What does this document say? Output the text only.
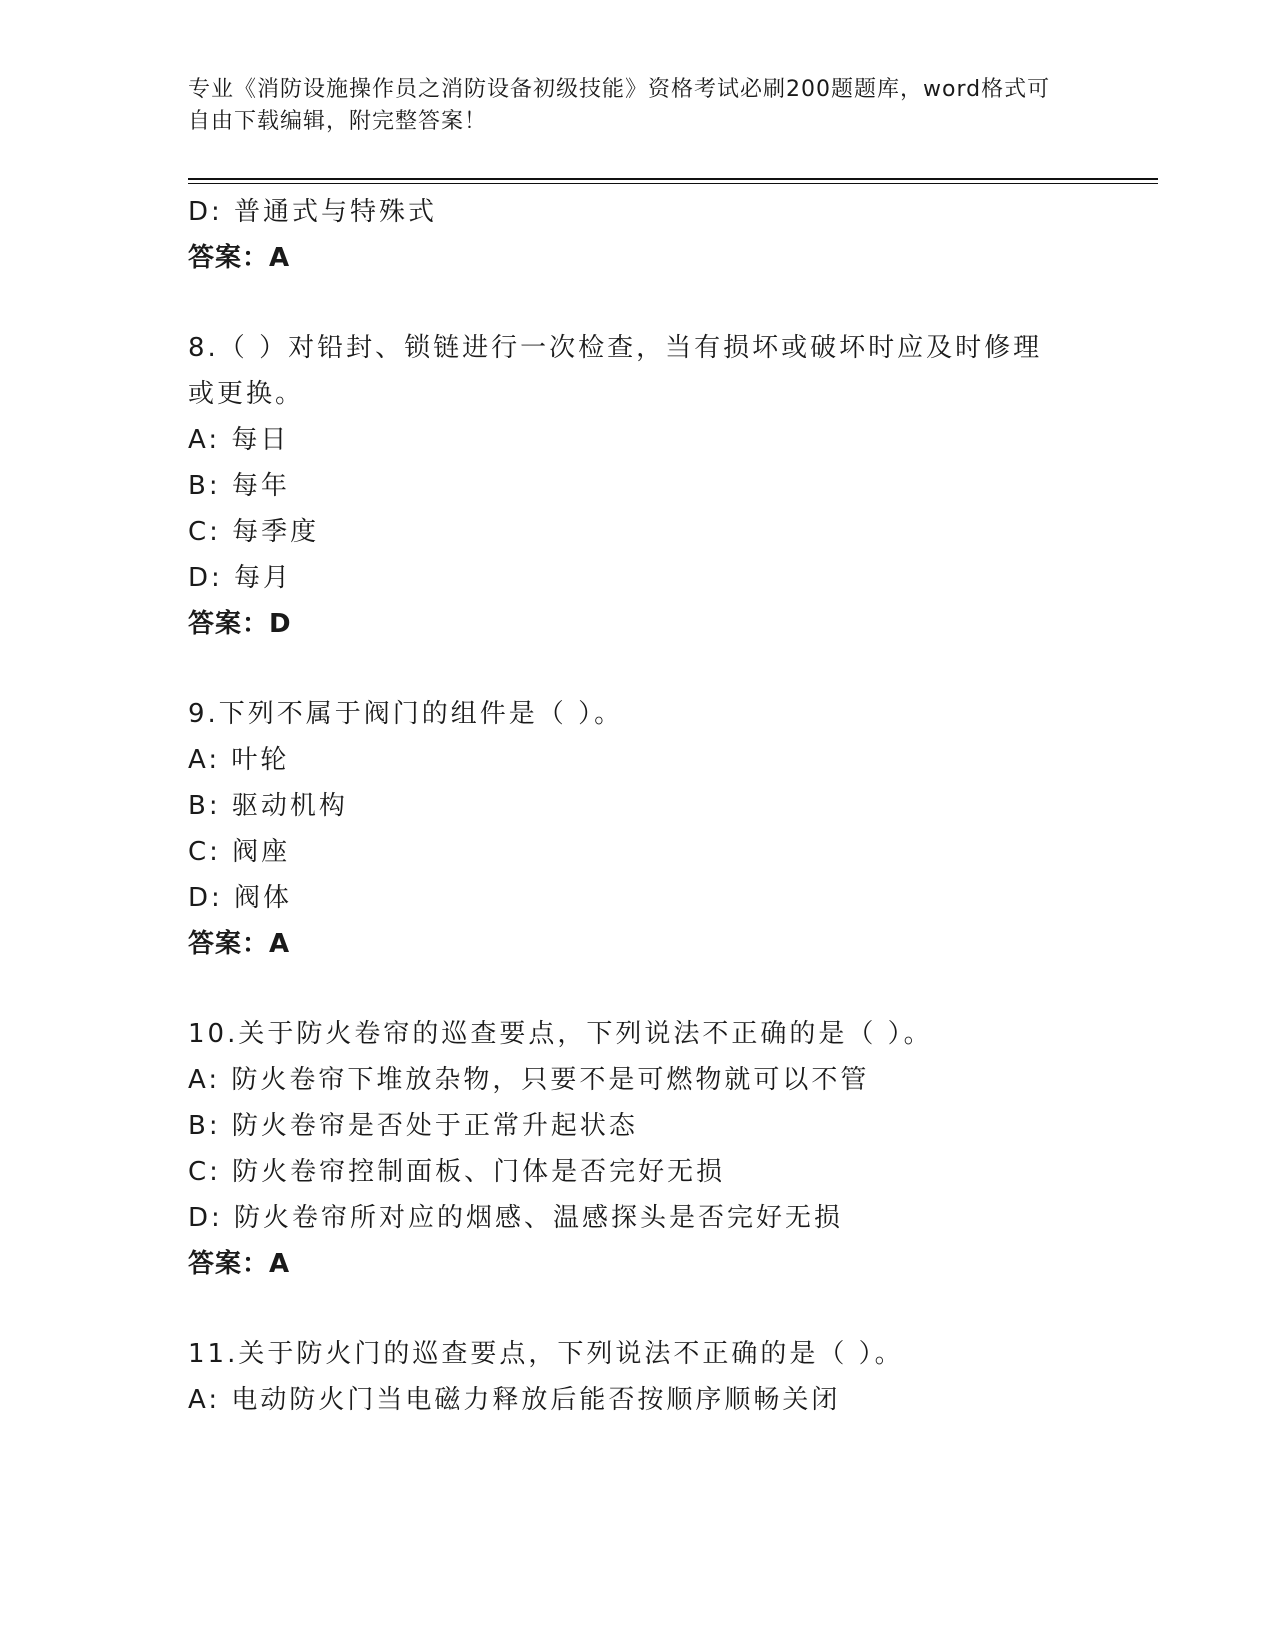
专业《消防设施操作员之消防设备初级技能》资格考试必刷200题题库，word格式可自由下载编辑，附完整答案！
D: 普通式与特殊式
答案：A
8.（ ）对铅封、锁链进行一次检查，当有损坏或破坏时应及时修理
或更换。
A: 每日
B: 每年
C: 每季度
D: 每月
答案：D
9.下列不属于阀门的组件是（ ）。
A: 叶轮
B: 驱动机构
C: 阀座
D: 阀体
答案：A
10.关于防火卷帘的巡查要点，下列说法不正确的是（ ）。
A: 防火卷帘下堆放杂物，只要不是可燃物就可以不管
B: 防火卷帘是否处于正常升起状态
C: 防火卷帘控制面板、门体是否完好无损
D: 防火卷帘所对应的烟感、温感探头是否完好无损
答案：A
11.关于防火门的巡查要点，下列说法不正确的是（ ）。
A: 电动防火门当电磁力释放后能否按顺序顺畅关闭
